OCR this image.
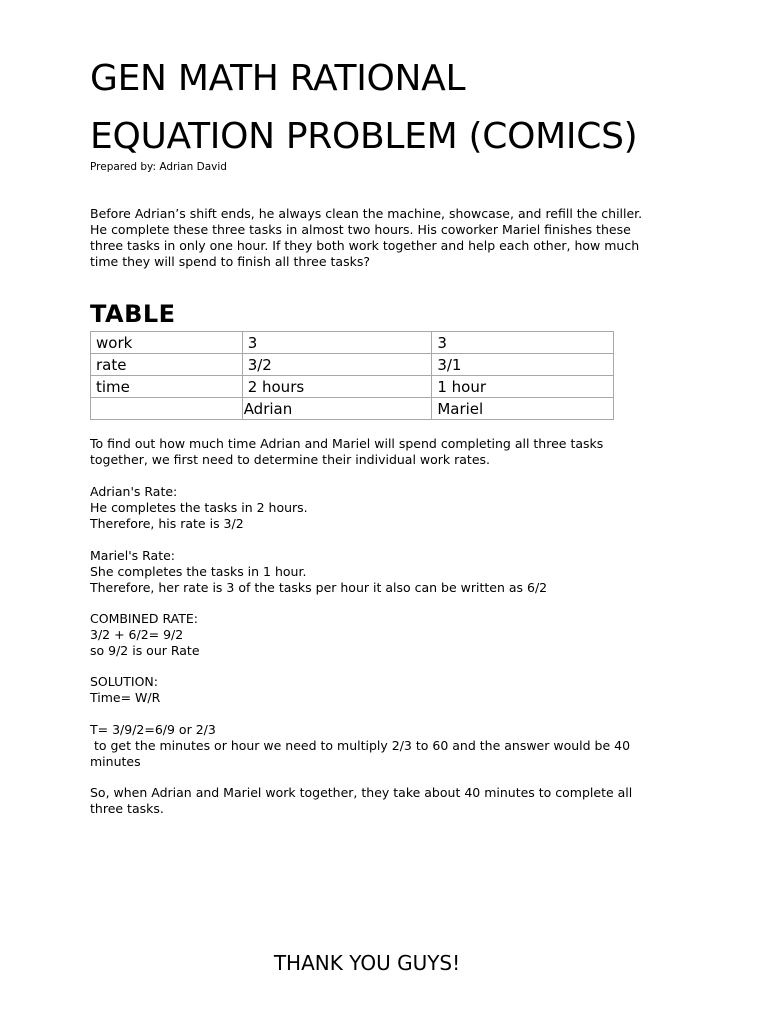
GEN MATH RATIONAL
EQUATION PROBLEM (COMICS)
Prepared by: Adrian David

Before Adrian’s shift ends, he always clean the machine, showcase, and refill the chiller.
He complete these three tasks in almost two hours. His coworker Mariel finishes these
three tasks in only one hour. If they both work together and help each other, how much
time they will spend to finish all three tasks?

TABLE
work	3	3
rate	3/2	3/1
time	2 hours	1 hour
	Adrian	Mariel

To find out how much time Adrian and Mariel will spend completing all three tasks
together, we first need to determine their individual work rates.

Adrian's Rate:
He completes the tasks in 2 hours.
Therefore, his rate is 3/2

Mariel's Rate:
She completes the tasks in 1 hour.
Therefore, her rate is 3 of the tasks per hour it also can be written as 6/2

COMBINED RATE:
3/2 + 6/2= 9/2
so 9/2 is our Rate

SOLUTION:
Time= W/R

T= 3/9/2=6/9 or 2/3
to get the minutes or hour we need to multiply 2/3 to 60 and the answer would be 40
minutes

So, when Adrian and Mariel work together, they take about 40 minutes to complete all
three tasks.

THANK YOU GUYS!
